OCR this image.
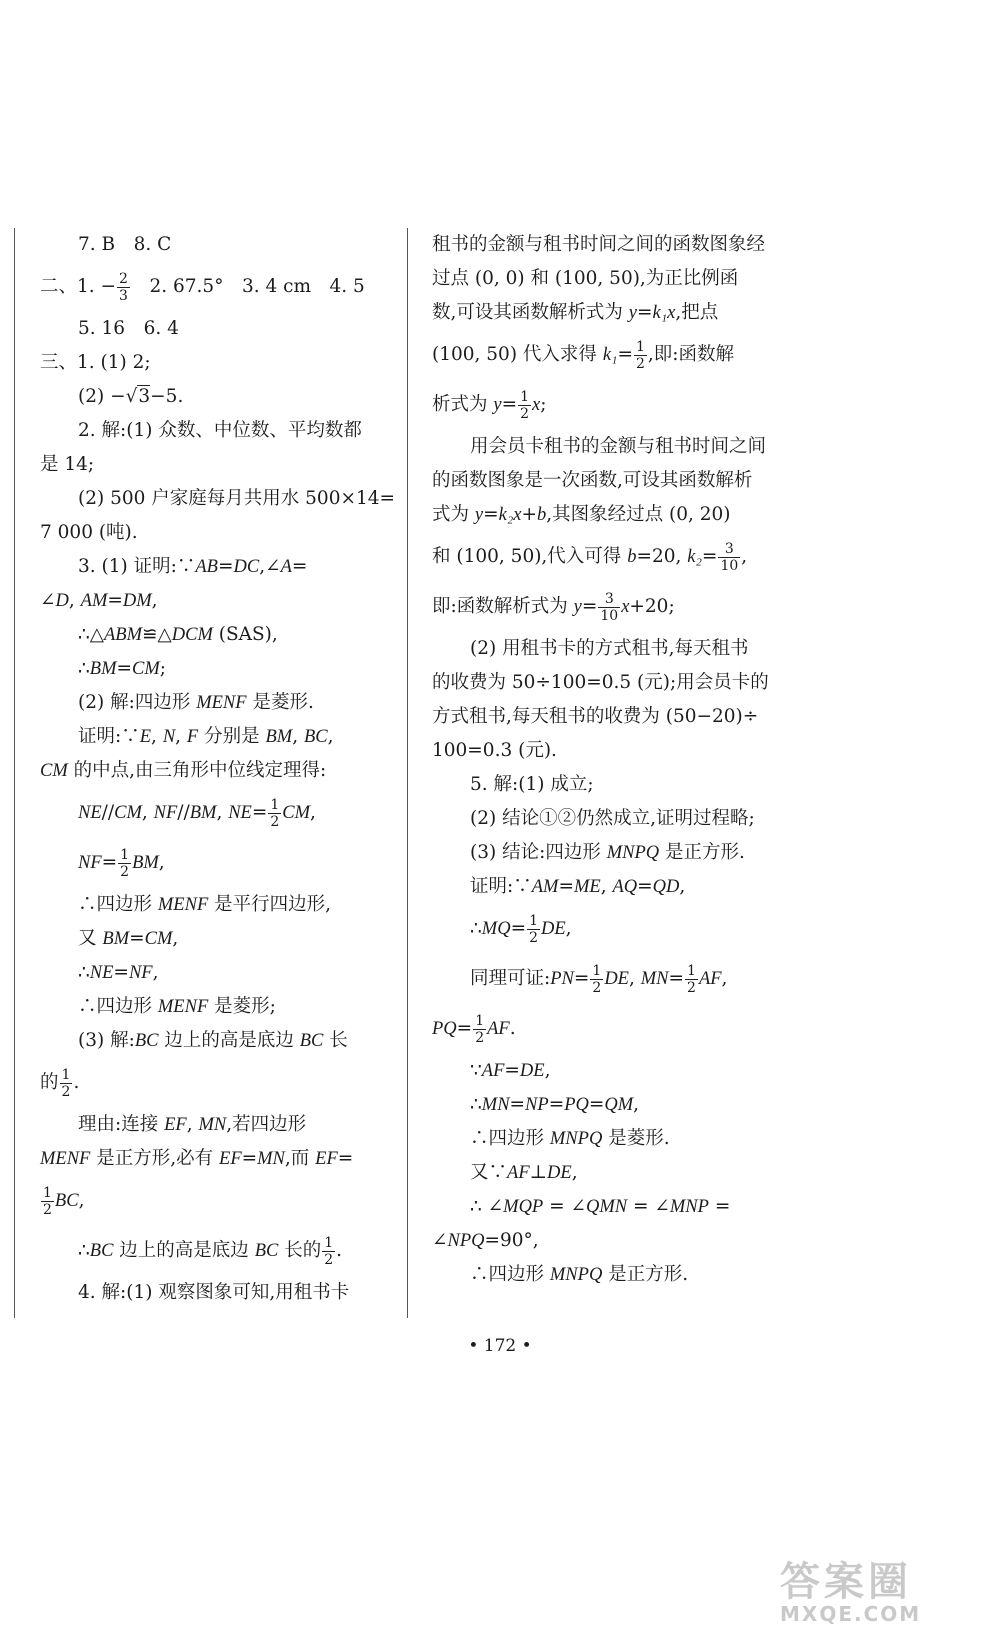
7. B　8. C
二、1. − $\frac{2}{3}$ 　2. 67.5°　3. 4 cm　4. 5
5. 16　6. 4
三、1. (1) 2;
(2) −√3−5.
2. 解:(1) 众数、中位数、平均数都
是 14;
(2) 500 户家庭每月共用水 500×14=
7 000 (吨).
3. (1) 证明:∵AB=DC,∠A=
∠D, AM=DM,
∴△ABM≌△DCM (SAS),
∴BM=CM;
(2) 解:四边形 MENF 是菱形.
证明:∵E, N, F 分别是 BM, BC,
CM 的中点,由三角形中位线定理得:
NE//CM, NF//BM, $NE= \frac{1}{2}$ CM,
$NF= \frac{1}{2}$ BM,
∴四边形 MENF 是平行四边形,
又 BM=CM,
∴NE=NF,
∴四边形 MENF 是菱形;
(3) 解:BC 边上的高是底边 BC 长
的 $\frac{1}{2}$ .
理由:连接 EF, MN,若四边形
MENF 是正方形,必有 EF=MN,而 EF=
$\frac{1}{2}$ BC,
∴BC 边上的高是底边 BC 长的 $\frac{1}{2}$ .
4. 解:(1) 观察图象可知,用租书卡
租书的金额与租书时间之间的函数图象经
过点 (0, 0) 和 (100, 50),为正比例函
数,可设其函数解析式为 y=k₁x,把点
(100, 50) 代入求得 $k_1= \frac{1}{2}$ ,即:函数解
析式为 $y= \frac{1}{2} x$;
用会员卡租书的金额与租书时间之间
的函数图象是一次函数,可设其函数解析
式为 y=k₂x+b,其图象经过点 (0, 20)
和 (100, 50),代入可得 b=20, $k_2= \frac{3}{10}$ ,
即:函数解析式为 $y= \frac{3}{10} x+20$;
(2) 用租书卡的方式租书,每天租书
的收费为 50÷100=0.5 (元);用会员卡的
方式租书,每天租书的收费为 (50−20)÷
100=0.3 (元).
5. 解:(1) 成立;
(2) 结论①②仍然成立,证明过程略;
(3) 结论:四边形 MNPQ 是正方形.
证明:∵AM=ME, AQ=QD,
∴MQ= $\frac{1}{2}$ DE,
同理可证:PN= $\frac{1}{2}$ DE, $MN= \frac{1}{2}$ AF,
$PQ= \frac{1}{2}$ AF.
∵AF=DE,
∴MN=NP=PQ=QM,
∴四边形 MNPQ 是菱形.
又∵AF⊥DE,
∴ ∠MQP = ∠QMN = ∠MNP =
∠NPQ=90°,
∴四边形 MNPQ 是正方形.
• 172 •
答案圈
MXQE.COM
